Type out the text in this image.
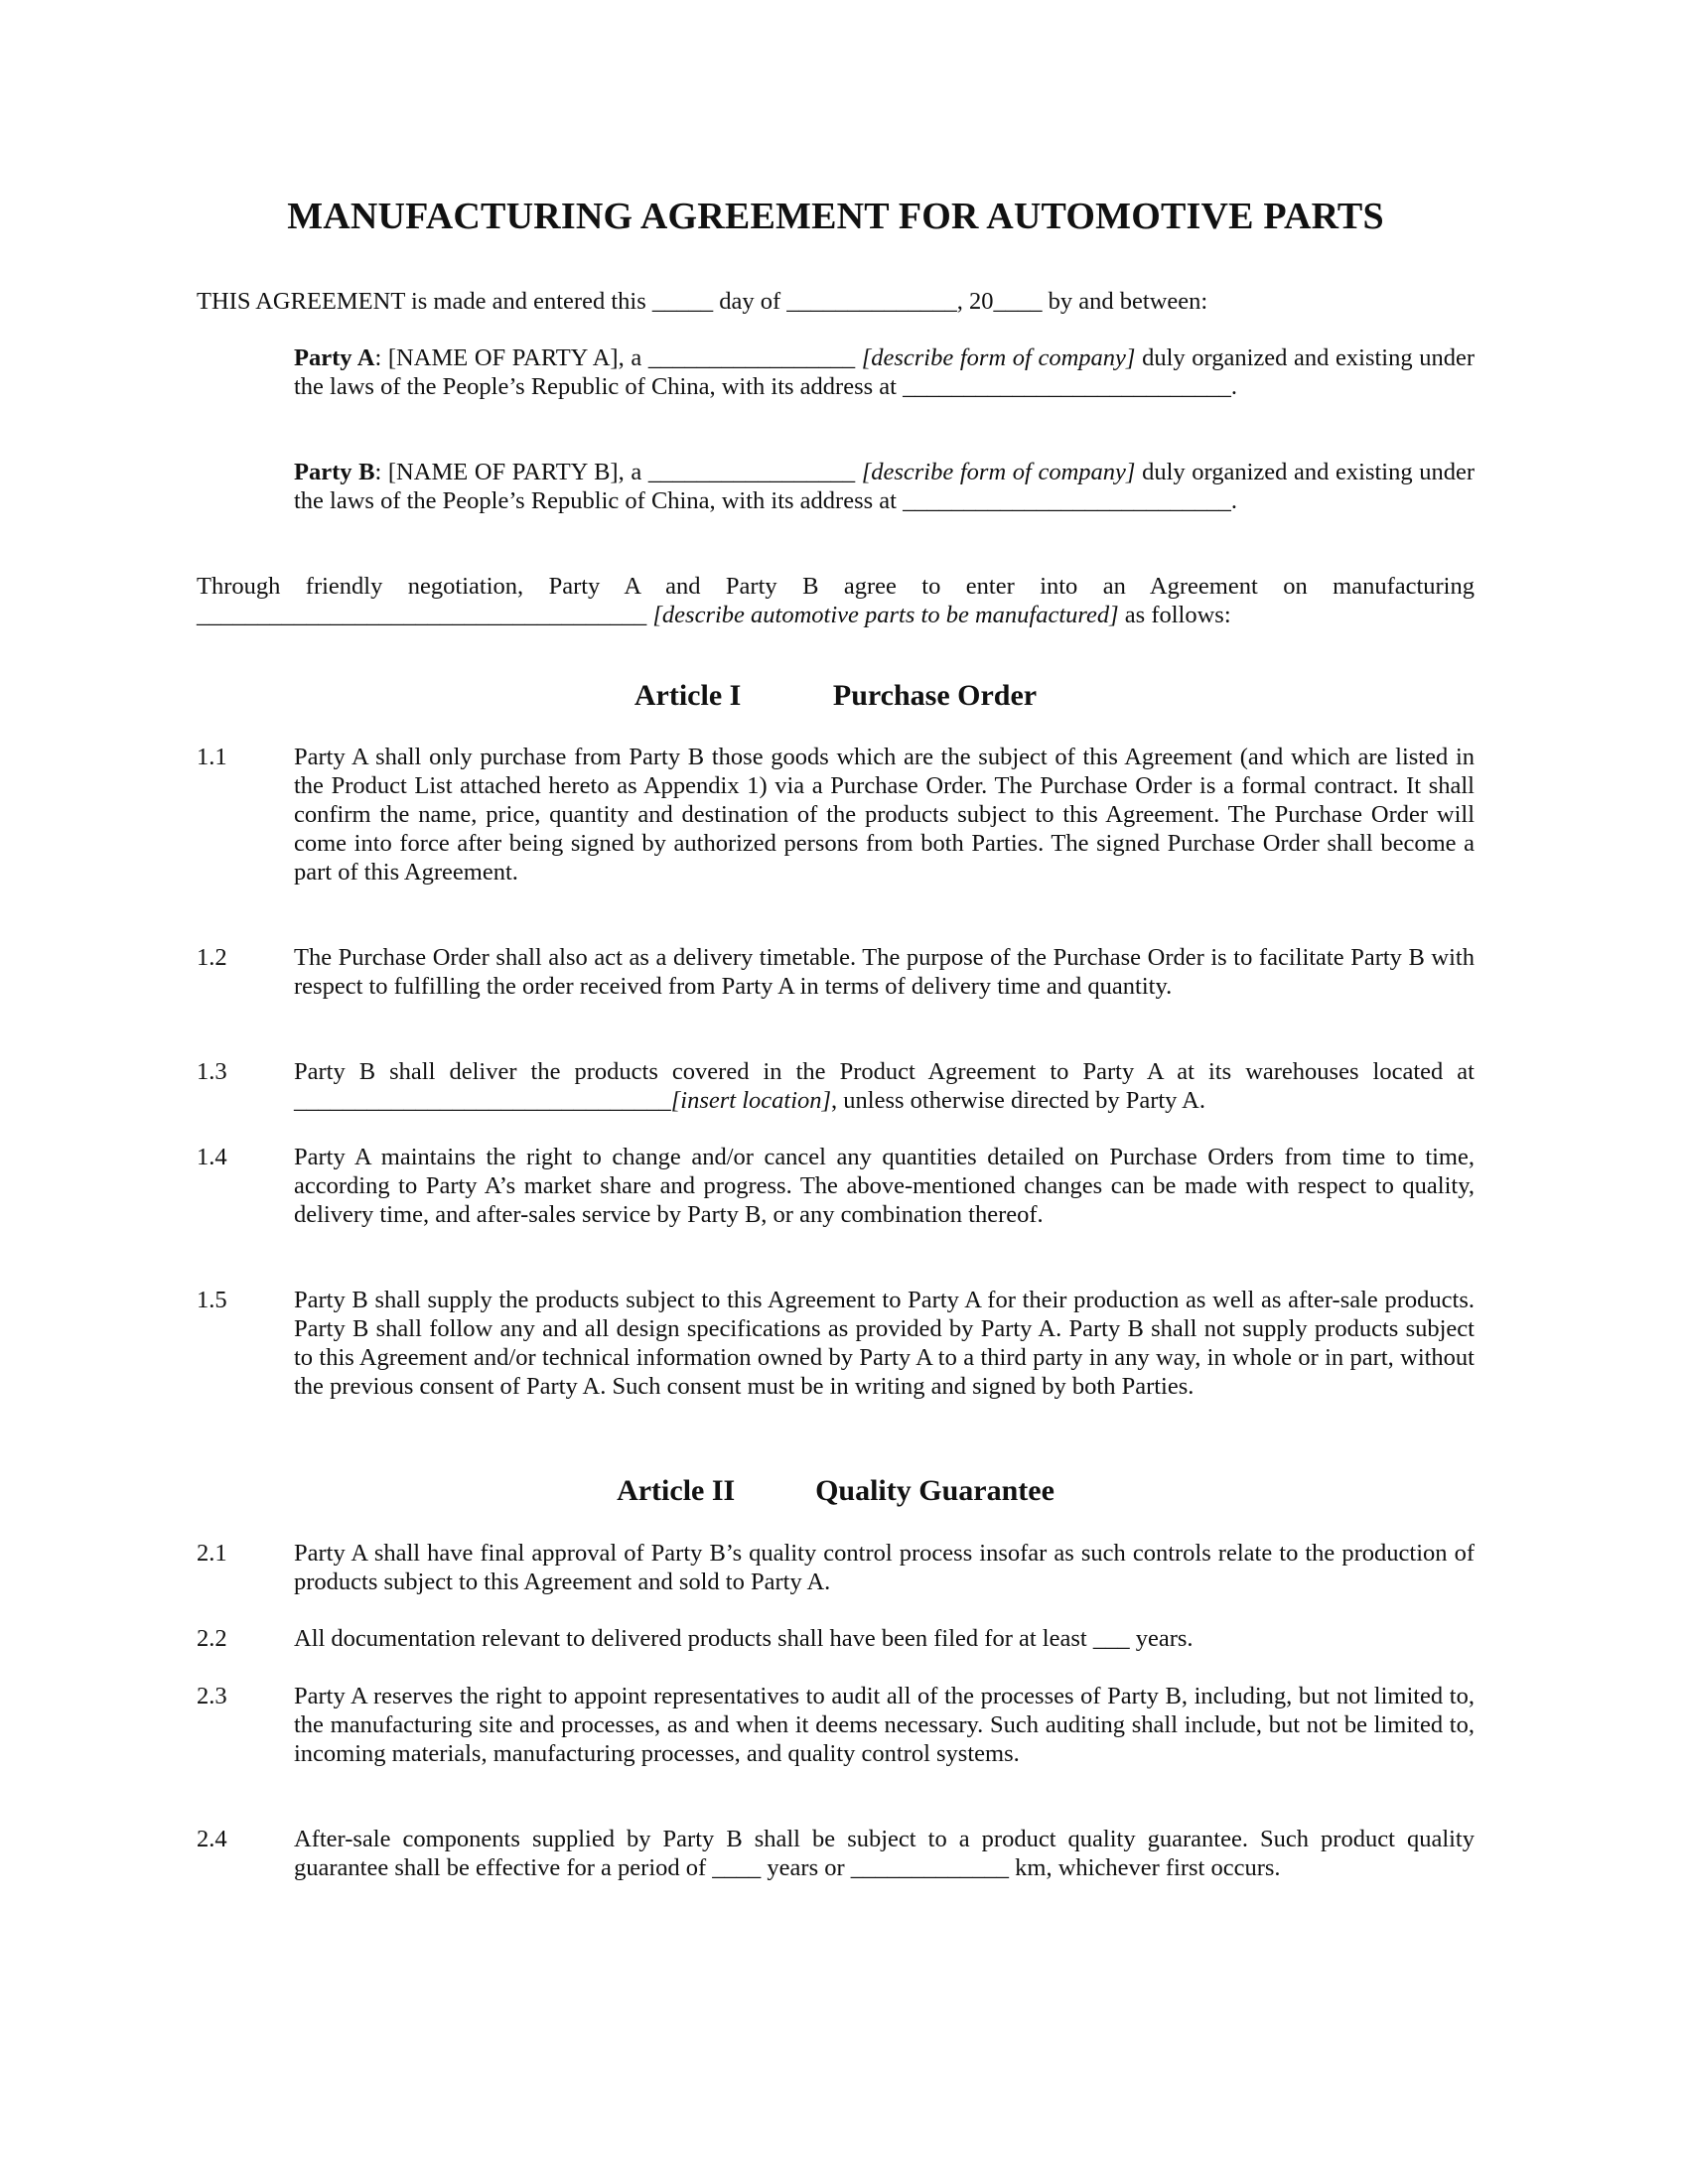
MANUFACTURING AGREEMENT FOR AUTOMOTIVE PARTS

THIS AGREEMENT is made and entered this _____ day of ______________, 20____ by and between:

Party A: [NAME OF PARTY A], a _________________ [describe form of company] duly organized and existing under the laws of the People’s Republic of China, with its address at ___________________________.

Party B: [NAME OF PARTY B], a _________________ [describe form of company] duly organized and existing under the laws of the People’s Republic of China, with its address at ___________________________.

Through friendly negotiation, Party A and Party B agree to enter into an Agreement on manufacturing _____________________________________ [describe automotive parts to be manufactured] as follows:

Article I	Purchase Order
1.1	Party A shall only purchase from Party B those goods which are the subject of this Agreement (and which are listed in the Product List attached hereto as Appendix 1) via a Purchase Order. The Purchase Order is a formal contract. It shall confirm the name, price, quantity and destination of the products subject to this Agreement. The Purchase Order will come into force after being signed by authorized persons from both Parties. The signed Purchase Order shall become a part of this Agreement.

1.2	The Purchase Order shall also act as a delivery timetable. The purpose of the Purchase Order is to facilitate Party B with respect to fulfilling the order received from Party A in terms of delivery time and quantity.

1.3	Party B shall deliver the products covered in the Product Agreement to Party A at its warehouses located at _______________________________[insert location], unless otherwise directed by Party A.

1.4	Party A maintains the right to change and/or cancel any quantities detailed on Purchase Orders from time to time, according to Party A’s market share and progress. The above-mentioned changes can be made with respect to quality, delivery time, and after-sales service by Party B, or any combination thereof.

1.5	Party B shall supply the products subject to this Agreement to Party A for their production as well as after-sale products. Party B shall follow any and all design specifications as provided by Party A. Party B shall not supply products subject to this Agreement and/or technical information owned by Party A to a third party in any way, in whole or in part, without the previous consent of Party A. Such consent must be in writing and signed by both Parties.

Article II	Quality Guarantee
2.1	Party A shall have final approval of Party B’s quality control process insofar as such controls relate to the production of products subject to this Agreement and sold to Party A.

2.2	All documentation relevant to delivered products shall have been filed for at least ___ years.

2.3	Party A reserves the right to appoint representatives to audit all of the processes of Party B, including, but not limited to, the manufacturing site and processes, as and when it deems necessary. Such auditing shall include, but not be limited to, incoming materials, manufacturing processes, and quality control systems.

2.4	After-sale components supplied by Party B shall be subject to a product quality guarantee. Such product quality guarantee shall be effective for a period of ____ years or _____________ km, whichever first occurs.
